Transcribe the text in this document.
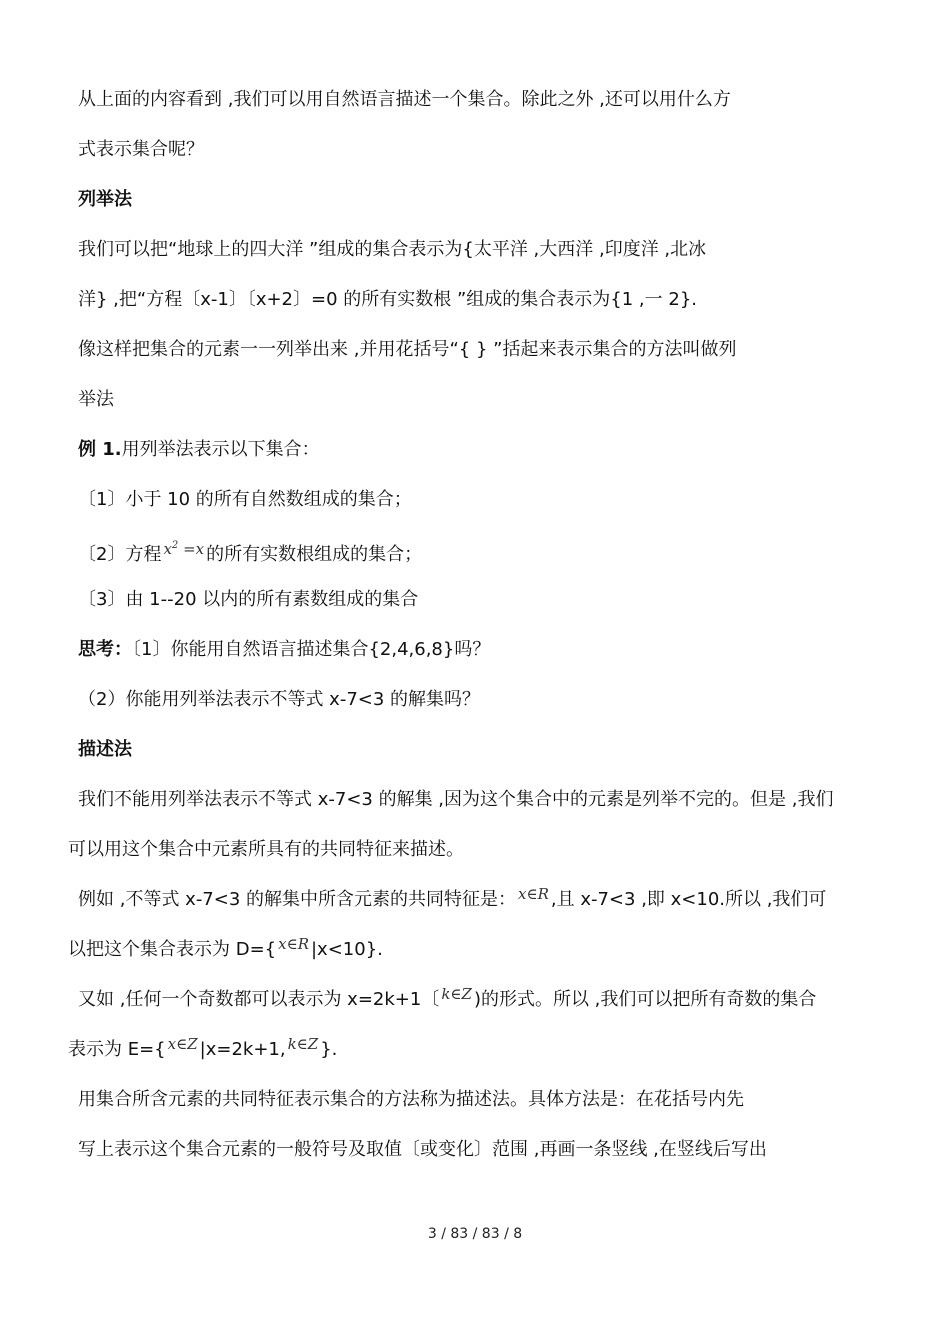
从上面的内容看到 ,我们可以用自然语言描述一个集合。除此之外 ,还可以用什么方
式表示集合呢？
列举法
我们可以把“地球上的四大洋 ”组成的集合表示为{太平洋 ,大西洋 ,印度洋 ,北冰
洋} ,把“方程〔x-1〕〔x+2〕=0 的所有实数根 ”组成的集合表示为{1 ,一 2}.
像这样把集合的元素一一列举出来 ,并用花括号“{ } ”括起来表示集合的方法叫做列
举法
例 1.用列举法表示以下集合：
〔1〕小于 10 的所有自然数组成的集合；
〔2〕方程 $^{x^2 =x}$ 的所有实数根组成的集合；
〔3〕由 1--20 以内的所有素数组成的集合
思考：〔1〕你能用自然语言描述集合{2,4,6,8}吗？
（2）你能用列举法表示不等式 x-7<3 的解集吗？
描述法
我们不能用列举法表示不等式 x-7<3 的解集 ,因为这个集合中的元素是列举不完的。但是 ,我们
可以用这个集合中元素所具有的共同特征来描述。
例如 ,不等式 x-7<3 的解集中所含元素的共同特征是： $^{x\in R}$ ,且 x-7<3 ,即 x<10.所以 ,我们可
以把这个集合表示为 D={ $^{x\in R}$ |x<10}.
又如 ,任何一个奇数都可以表示为 x=2k+1〔 $^{k\in Z}$ )的形式。所以 ,我们可以把所有奇数的集合
表示为 E={ $^{x\in Z}$ |x=2k+1, $^{k\in Z}$ }.
用集合所含元素的共同特征表示集合的方法称为描述法。具体方法是：在花括号内先
写上表示这个集合元素的一般符号及取值〔或变化〕范围 ,再画一条竖线 ,在竖线后写出
3 / 83 / 83 / 8
